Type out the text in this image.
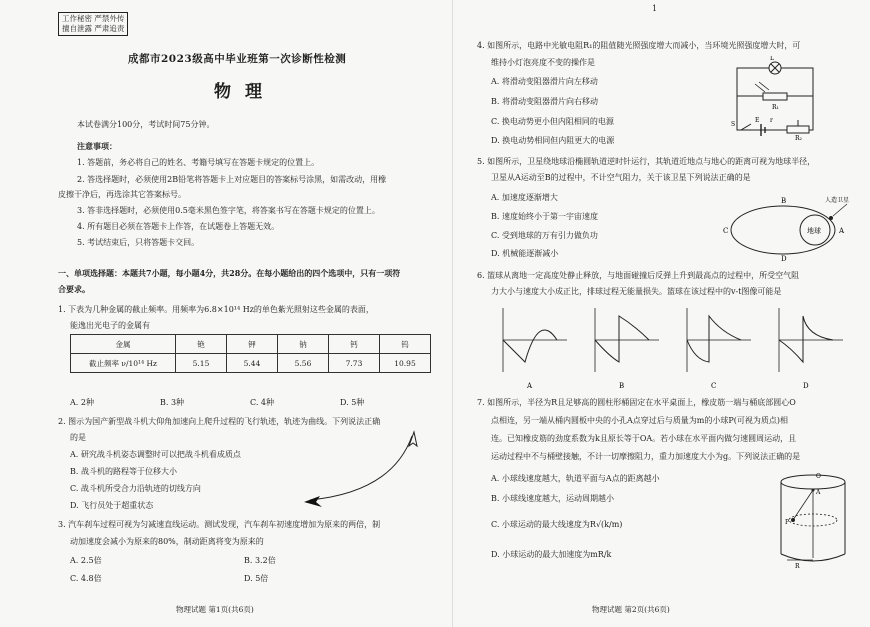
工作秘密 严禁外传
擅自泄露 严肃追责
成都市2023级高中毕业班第一次诊断性检测
物理
本试卷满分100分，考试时间75分钟。
注意事项：
1. 答题前，务必将自己的姓名、考籍号填写在答题卡规定的位置上。
2. 答选择题时，必须使用2B铅笔将答题卡上对应题目的答案标号涂黑，如需改动，用橡
皮擦干净后，再选涂其它答案标号。
3. 答非选择题时，必须使用0.5毫米黑色签字笔，将答案书写在答题卡规定的位置上。
4. 所有题目必须在答题卡上作答，在试题卷上答题无效。
5. 考试结束后，只将答题卡交回。
一、单项选择题：本题共7小题，每小题4分，共28分。在每小题给出的四个选项中，只有一项符
合要求。
1. 下表为几种金属的截止频率。用频率为6.8×10¹⁴ Hz的单色紫光照射这些金属的表面，
能逸出光电子的金属有
金属	铯	钾	钠	钙	钨
截止频率 ν/10¹⁴ Hz	5.15	5.44	5.56	7.73	10.95
A. 2种	B. 3种	C. 4种	D. 5种
2. 图示为国产新型战斗机大仰角加速向上爬升过程的飞行轨迹，轨迹为曲线。下列说法正确
的是
A. 研究战斗机姿态调整时可以把战斗机看成质点
B. 战斗机的路程等于位移大小
C. 战斗机所受合力沿轨迹的切线方向
D. 飞行员处于超重状态
3. 汽车刹车过程可视为匀减速直线运动。测试发现，汽车刹车初速度增加为原来的两倍，制
动加速度会减小为原来的80%，制动距离将变为原来的
A. 2.5倍	B. 3.2倍
C. 4.8倍	D. 5倍
物理试题 第1页(共6页)
1
4. 如图所示，电路中光敏电阻R₁的阻值随光照强度增大而减小，当环境光照强度增大时，可
维持小灯泡亮度不变的操作是
A. 将滑动变阻器滑片向左移动
B. 将滑动变阻器滑片向右移动
C. 换电动势更小但内阻相同的电源
D. 换电动势相同但内阻更大的电源
L
R₁
R₂
S
E r
5. 如图所示，卫星绕地球沿椭圆轨道逆时针运行，其轨道近地点与地心的距离可视为地球半径，
卫星从A运动至B的过程中，不计空气阻力，关于该卫星下列说法正确的是
A. 加速度逐渐增大
B. 速度始终小于第一宇宙速度
C. 受到地球的万有引力做负功
D. 机械能逐渐减小
人造卫星
地球
B
C
D
A
6. 篮球从离地一定高度处静止释放，与地面碰撞后反弹上升到最高点的过程中，所受空气阻
力大小与速度大小成正比，排球过程无能量损失。篮球在该过程中的v-t图像可能是
A	B	C	D
7. 如图所示，半径为R且足够高的圆柱形桶固定在水平桌面上，橡皮筋一端与桶底部圆心O
点相连，另一端从桶内圆板中央的小孔A点穿过后与质量为m的小球P(可视为质点)相
连。已知橡皮筋的劲度系数为k且原长等于OA。若小球在水平面内做匀速圆周运动，且
运动过程中不与桶壁接触，不计一切摩擦阻力，重力加速度大小为g。下列说法正确的是
A. 小球线速度越大，轨道平面与A点的距离越小
B. 小球线速度越大，运动周期越小
C. 小球运动的最大线速度为R√(k/m)
D. 小球运动的最大加速度为mR/k
O
A
P
R
物理试题 第2页(共6页)
